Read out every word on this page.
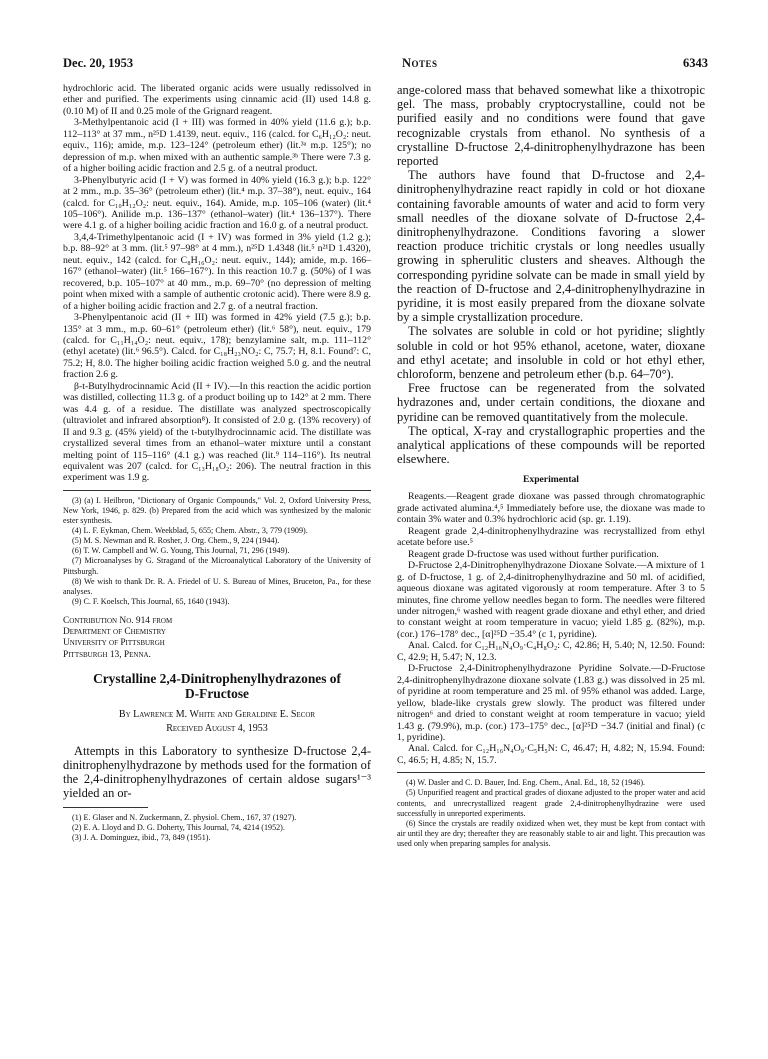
Dec. 20, 1953	Notes	6343

hydrochloric acid. The liberated organic acids were usually redissolved in ether and purified. The experiments using cinnamic acid (II) used 14.8 g. (0.10 M) of II and 0.25 mole of the Grignard reagent.

3-Methylpentanoic acid (I + III) was formed in 40% yield (11.6 g.); b.p. 112–113° at 37 mm., n²⁵D 1.4139, neut. equiv., 116 (calcd. for C₆H₁₂O₂: neut. equiv., 116); amide, m.p. 123–124° (petroleum ether) (lit.³ᵃ m.p. 125°); no depression of m.p. when mixed with an authentic sample.³ᵇ There were 7.3 g. of a higher boiling acidic fraction and 2.5 g. of a neutral product.

3-Phenylbutyric acid (I + V) was formed in 40% yield (16.3 g.); b.p. 122° at 2 mm., m.p. 35–36° (petroleum ether) (lit.⁴ m.p. 37–38°), neut. equiv., 164 (calcd. for C₁₀H₁₂O₂: neut. equiv., 164). Amide, m.p. 105–106 (water) (lit.⁴ 105–106°). Anilide m.p. 136–137° (ethanol–water) (lit.⁴ 136–137°). There were 4.1 g. of a higher boiling acidic fraction and 16.0 g. of a neutral product.

3,4,4-Trimethylpentanoic acid (I + IV) was formed in 3% yield (1.2 g.); b.p. 88–92° at 3 mm. (lit.⁵ 97–98° at 4 mm.), n²⁵D 1.4348 (lit.⁵ n²¹D 1.4320), neut. equiv., 142 (calcd. for C₈H₁₆O₂: neut. equiv., 144); amide, m.p. 166–167° (ethanol–water) (lit.⁵ 166–167°). In this reaction 10.7 g. (50%) of I was recovered, b.p. 105–107° at 40 mm., m.p. 69–70° (no depression of melting point when mixed with a sample of authentic crotonic acid). There were 8.9 g. of a higher boiling acidic fraction and 2.7 g. of a neutral fraction.

3-Phenylpentanoic acid (II + III) was formed in 42% yield (7.5 g.); b.p. 135° at 3 mm., m.p. 60–61° (petroleum ether) (lit.⁶ 58°), neut. equiv., 179 (calcd. for C₁₁H₁₄O₂: neut. equiv., 178); benzylamine salt, m.p. 111–112° (ethyl acetate) (lit.⁶ 96.5°). Calcd. for C₁₈H₂₃NO₂: C, 75.7; H, 8.1. Found⁷: C, 75.2; H, 8.0. The higher boiling acidic fraction weighed 5.0 g. and the neutral fraction 2.6 g.

β-t-Butylhydrocinnamic Acid (II + IV).—In this reaction the acidic portion was distilled, collecting 11.3 g. of a product boiling up to 142° at 2 mm. There was 4.4 g. of a residue. The distillate was analyzed spectroscopically (ultraviolet and infrared absorption⁸). It consisted of 2.0 g. (13% recovery) of II and 9.3 g. (45% yield) of the t-butylhydrocinnamic acid. The distillate was crystallized several times from an ethanol–water mixture until a constant melting point of 115–116° (4.1 g.) was reached (lit.⁹ 114–116°). Its neutral equivalent was 207 (calcd. for C₁₃H₁₈O₂: 206). The neutral fraction in this experiment was 1.9 g.

(3) (a) I. Heilbron, "Dictionary of Organic Compounds," Vol. 2, Oxford University Press, New York, 1946, p. 829. (b) Prepared from the acid which was synthesized by the malonic ester synthesis.

(4) L. F. Eykman, Chem. Weekblad, 5, 655; Chem. Abstr., 3, 779 (1909).

(5) M. S. Newman and R. Rosher, J. Org. Chem., 9, 224 (1944).

(6) T. W. Campbell and W. G. Young, This Journal, 71, 296 (1949).

(7) Microanalyses by G. Stragand of the Microanalytical Laboratory of the University of Pittsburgh.

(8) We wish to thank Dr. R. A. Friedel of U. S. Bureau of Mines, Bruceton, Pa., for these analyses.

(9) C. F. Koelsch, This Journal, 65, 1640 (1943).

Contribution No. 914 from

Department of Chemistry

University of Pittsburgh

Pittsburgh 13, Penna.

Crystalline 2,4-Dinitrophenylhydrazones of
D-Fructose
By Lawrence M. White and Geraldine E. Secor
Received August 4, 1953

Attempts in this Laboratory to synthesize D-fructose 2,4-dinitrophenylhydrazone by methods used for the formation of the 2,4-dinitrophenylhydrazones of certain aldose sugars¹⁻³ yielded an or-

(1) E. Glaser and N. Zuckermann, Z. physiol. Chem., 167, 37 (1927).

(2) E. A. Lloyd and D. G. Doherty, This Journal, 74, 4214 (1952).

(3) J. A. Dominguez, ibid., 73, 849 (1951).

ange-colored mass that behaved somewhat like a thixotropic gel. The mass, probably cryptocrystalline, could not be purified easily and no conditions were found that gave recognizable crystals from ethanol. No synthesis of a crystalline D-fructose 2,4-dinitrophenylhydrazone has been reported

The authors have found that D-fructose and 2,4-dinitrophenylhydrazine react rapidly in cold or hot dioxane containing favorable amounts of water and acid to form very small needles of the dioxane solvate of D-fructose 2,4-dinitrophenylhydrazone. Conditions favoring a slower reaction produce trichitic crystals or long needles usually growing in spherulitic clusters and sheaves. Although the corresponding pyridine solvate can be made in small yield by the reaction of D-fructose and 2,4-dinitrophenylhydrazine in pyridine, it is most easily prepared from the dioxane solvate by a simple crystallization procedure.

The solvates are soluble in cold or hot pyridine; slightly soluble in cold or hot 95% ethanol, acetone, water, dioxane and ethyl acetate; and insoluble in cold or hot ethyl ether, chloroform, benzene and petroleum ether (b.p. 64–70°).

Free fructose can be regenerated from the solvated hydrazones and, under certain conditions, the dioxane and pyridine can be removed quantitatively from the molecule.

The optical, X-ray and crystallographic properties and the analytical applications of these compounds will be reported elsewhere.

Experimental

Reagents.—Reagent grade dioxane was passed through chromatographic grade activated alumina.⁴,⁵ Immediately before use, the dioxane was made to contain 3% water and 0.3% hydrochloric acid (sp. gr. 1.19).

Reagent grade 2,4-dinitrophenylhydrazine was recrystallized from ethyl acetate before use.⁵

Reagent grade D-fructose was used without further purification.

D-Fructose 2,4-Dinitrophenylhydrazone Dioxane Solvate.—A mixture of 1 g. of D-fructose, 1 g. of 2,4-dinitrophenylhydrazine and 50 ml. of acidified, aqueous dioxane was agitated vigorously at room temperature. After 3 to 5 minutes, fine chrome yellow needles began to form. The needles were filtered under nitrogen,⁶ washed with reagent grade dioxane and ethyl ether, and dried to constant weight at room temperature in vacuo; yield 1.85 g. (82%), m.p. (cor.) 176–178° dec., [α]²⁵D −35.4° (c 1, pyridine).

Anal. Calcd. for C₁₂H₁₆N₄O₉·C₄H₈O₂: C, 42.86; H, 5.40; N, 12.50. Found: C, 42.9; H, 5.47; N, 12.3.

D-Fructose 2,4-Dinitrophenylhydrazone Pyridine Solvate.—D-Fructose 2,4-dinitrophenylhydrazone dioxane solvate (1.83 g.) was dissolved in 25 ml. of pyridine at room temperature and 25 ml. of 95% ethanol was added. Large, yellow, blade-like crystals grew slowly. The product was filtered under nitrogen⁶ and dried to constant weight at room temperature in vacuo; yield 1.43 g. (79.9%), m.p. (cor.) 173–175° dec., [α]²⁵D −34.7 (initial and final) (c 1, pyridine).

Anal. Calcd. for C₁₂H₁₆N₄O₉·C₅H₅N: C, 46.47; H, 4.82; N, 15.94. Found: C, 46.5; H, 4.85; N, 15.7.

(4) W. Dasler and C. D. Bauer, Ind. Eng. Chem., Anal. Ed., 18, 52 (1946).

(5) Unpurified reagent and practical grades of dioxane adjusted to the proper water and acid contents, and unrecrystallized reagent grade 2,4-dinitrophenylhydrazine were used successfully in unreported experiments.

(6) Since the crystals are readily oxidized when wet, they must be kept from contact with air until they are dry; thereafter they are reasonably stable to air and light. This precaution was used only when preparing samples for analysis.
